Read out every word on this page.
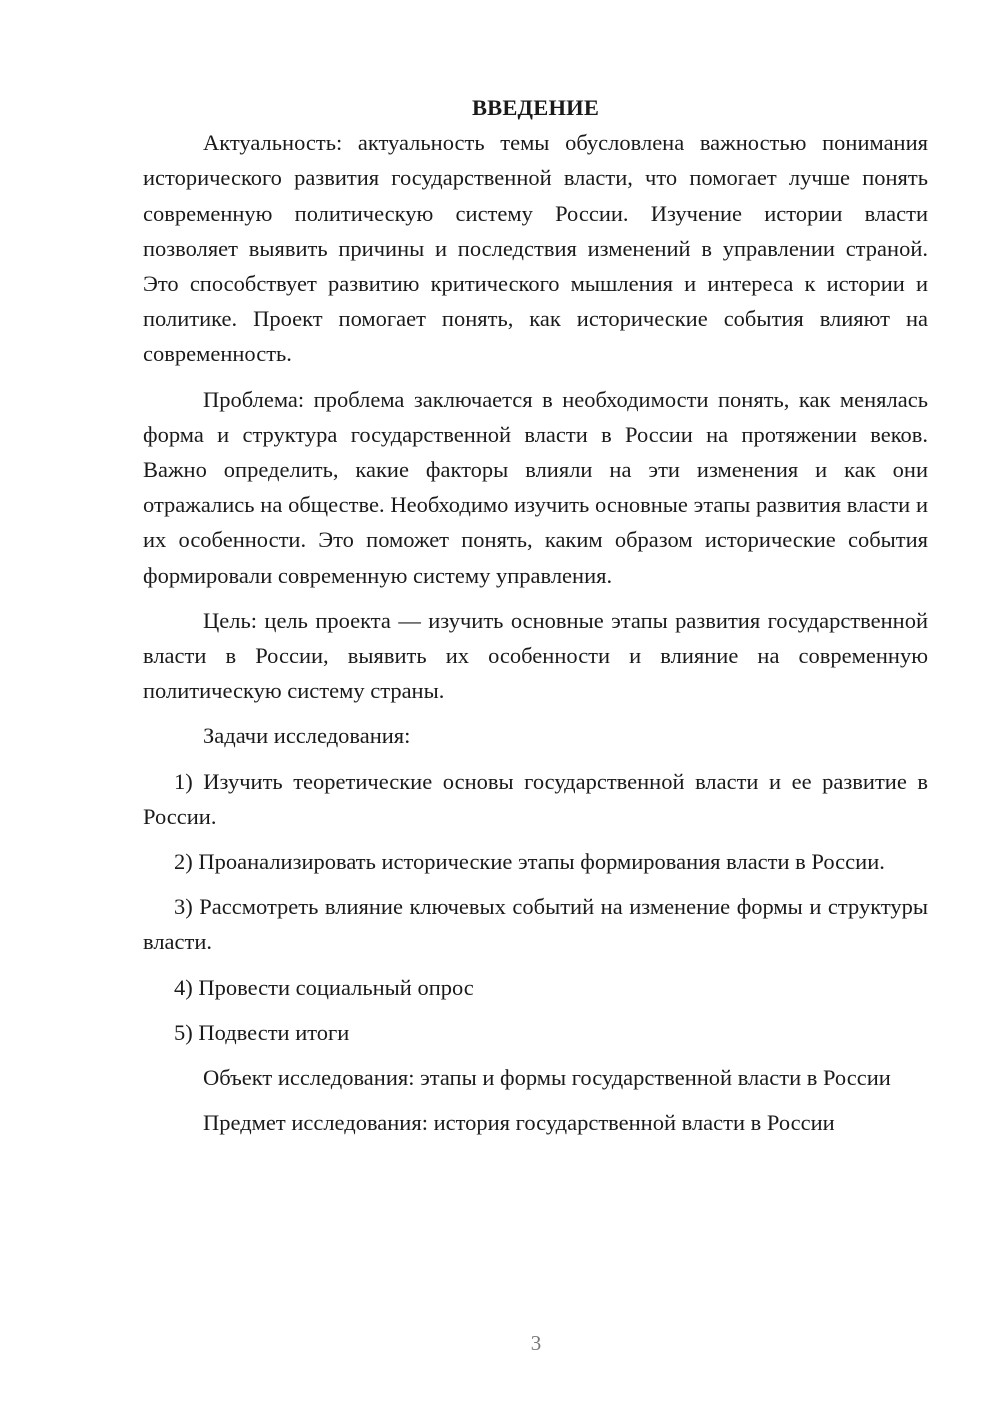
ВВЕДЕНИЕ

Актуальность: актуальность темы обусловлена важностью понимания исторического развития государственной власти, что помогает лучше понять современную политическую систему России. Изучение истории власти позволяет выявить причины и последствия изменений в управлении страной. Это способствует развитию критического мышления и интереса к истории и политике. Проект помогает понять, как исторические события влияют на современность.

Проблема: проблема заключается в необходимости понять, как менялась форма и структура государственной власти в России на протяжении веков. Важно определить, какие факторы влияли на эти изменения и как они отражались на обществе. Необходимо изучить основные этапы развития власти и их особенности. Это поможет понять, каким образом исторические события формировали современную систему управления.

Цель: цель проекта — изучить основные этапы развития государственной власти в России, выявить их особенности и влияние на современную политическую систему страны.

Задачи исследования:

1) Изучить теоретические основы государственной власти и ее развитие в России.

2) Проанализировать исторические этапы формирования власти в России.

3) Рассмотреть влияние ключевых событий на изменение формы и структуры власти.

4) Провести социальный опрос

5) Подвести итоги

Объект исследования: этапы и формы государственной власти в России

Предмет исследования: история государственной власти в России

3
